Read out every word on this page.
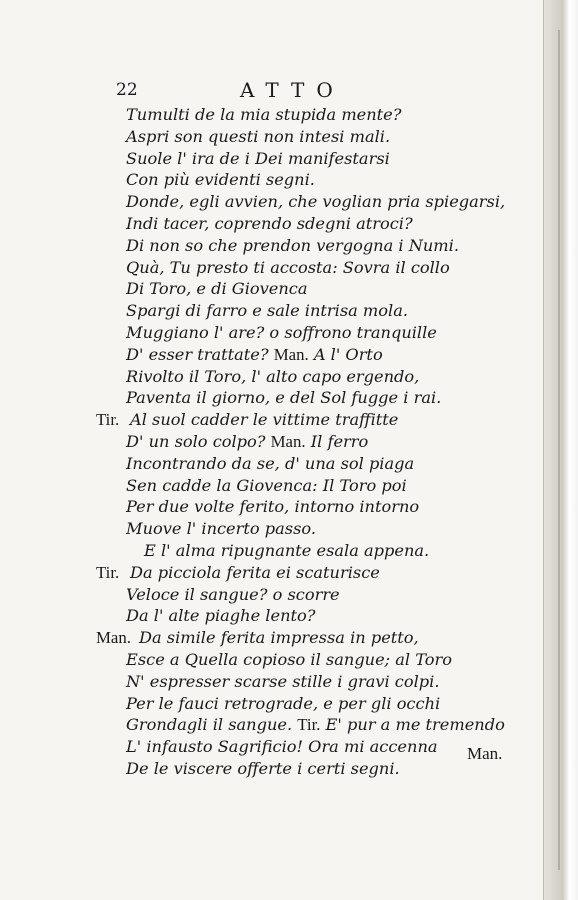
22	ATTO
Tumulti de la mia stupida mente?
Aspri son questi non intesi mali.
Suole l' ira de i Dei manifestarsi
Con più evidenti segni.
Donde, egli avvien, che voglian pria spiegarsi,
Indi tacer, coprendo sdegni atroci?
Di non so che prendon vergogna i Numi.
Quà, Tu presto ti accosta: Sovra il collo
Di Toro, e di Giovenca
Spargi di farro e sale intrisa mola.
Muggiano l' are? o soffrono tranquille
D' esser trattate? Man. A l' Orto
Rivolto il Toro, l' alto capo ergendo,
Paventa il giorno, e del Sol fugge i rai.
Tir. Al suol cadder le vittime traffitte
D' un solo colpo? Man. Il ferro
Incontrando da se, d' una sol piaga
Sen cadde la Giovenca: Il Toro poi
Per due volte ferito, intorno intorno
Muove l' incerto passo.
E l' alma ripugnante esala appena.
Tir. Da picciola ferita ei scaturisce
Veloce il sangue? o scorre
Da l' alte piaghe lento?
Man. Da simile ferita impressa in petto,
Esce a Quella copioso il sangue; al Toro
N' espresser scarse stille i gravi colpi.
Per le fauci retrograde, e per gli occhi
Grondagli il sangue. Tir. E' pur a me tremendo
L' infausto Sagrificio! Ora mi accenna
De le viscere offerte i certi segni.
Man.
